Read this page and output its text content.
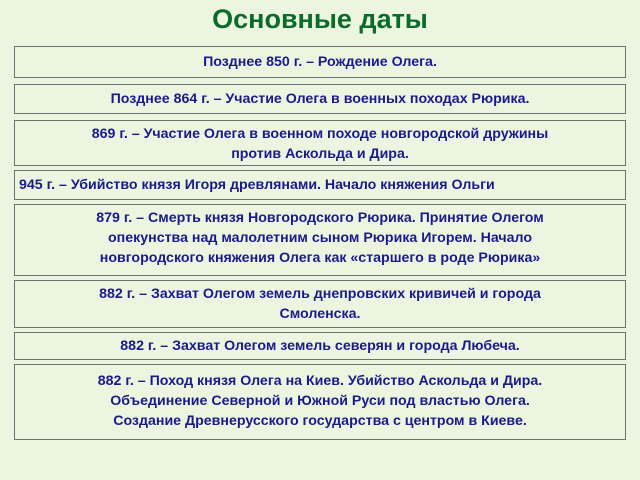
Основные даты
Позднее 850 г. – Рождение Олега.
Позднее 864 г. – Участие Олега в военных походах Рюрика.
869 г. – Участие Олега в военном походе новгородской дружины
против Аскольда и Дира.
945 г. – Убийство князя Игоря древлянами. Начало княжения Ольги
879 г. – Смерть князя Новгородского Рюрика. Принятие Олегом
опекунства над малолетним сыном Рюрика Игорем. Начало
новгородского княжения Олега как «старшего в роде Рюрика»
882 г. – Захват Олегом земель днепровских кривичей и города
Смоленска.
882 г. – Захват Олегом земель северян и города Любеча.
882 г. – Поход князя Олега на Киев. Убийство Аскольда и Дира.
Объединение Северной и Южной Руси под властью Олега.
Создание Древнерусского государства с центром в Киеве.
